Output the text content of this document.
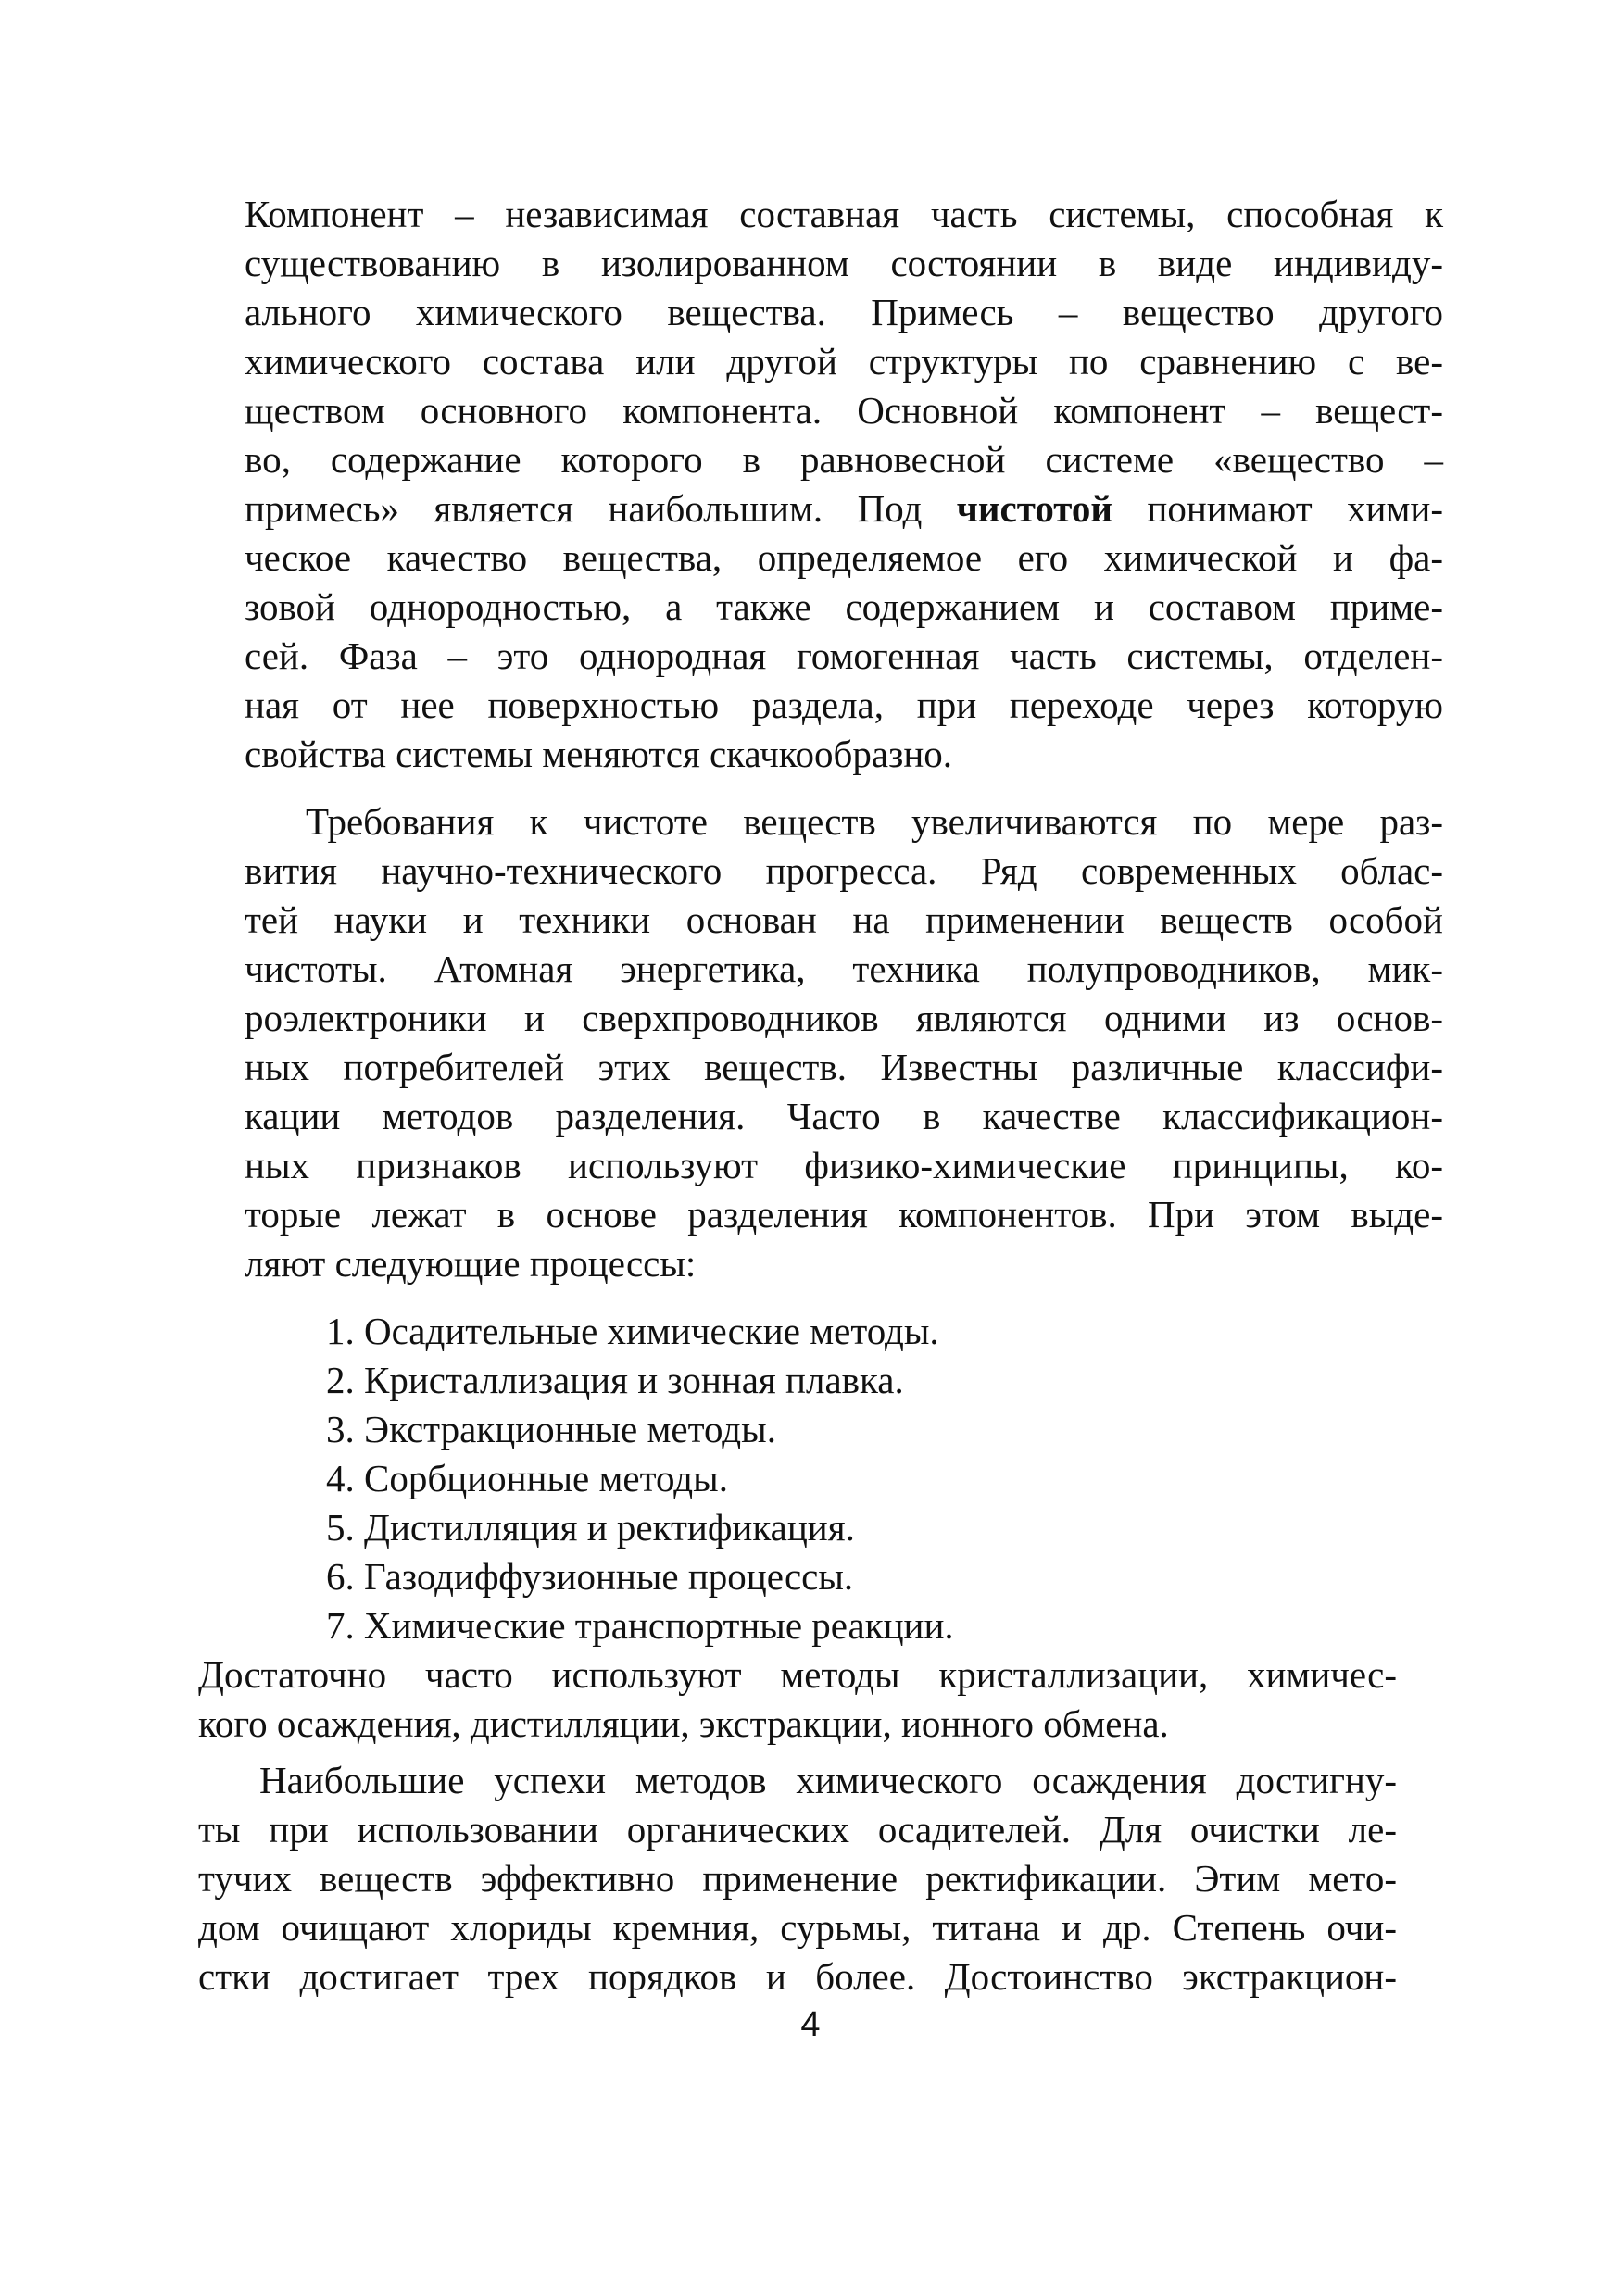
Компонент – независимая составная часть системы, способная к
существованию в изолированном состоянии в виде индивиду-
ального химического вещества. Примесь – вещество другого
химического состава или другой структуры по сравнению с ве-
ществом основного компонента. Основной компонент – вещест-
во, содержание которого в равновесной системе «вещество –
примесь» является наибольшим. Под чистотой понимают хими-
ческое качество вещества, определяемое его химической и фа-
зовой однородностью, а также содержанием и составом приме-
сей. Фаза – это однородная гомогенная часть системы, отделен-
ная от нее поверхностью раздела, при переходе через которую
свойства системы меняются скачкообразно.
Требования к чистоте веществ увеличиваются по мере раз-
вития научно-технического прогресса. Ряд современных облас-
тей науки и техники основан на применении веществ особой
чистоты. Атомная энергетика, техника полупроводников, мик-
роэлектроники и сверхпроводников являются одними из основ-
ных потребителей этих веществ. Известны различные классифи-
кации методов разделения. Часто в качестве классификацион-
ных признаков используют физико-химические принципы, ко-
торые лежат в основе разделения компонентов. При этом выде-
ляют следующие процессы:
1. Осадительные химические методы.
2. Кристаллизация и зонная плавка.
3. Экстракционные методы.
4. Сорбционные методы.
5. Дистилляция и ректификация.
6. Газодиффузионные процессы.
7. Химические транспортные реакции.
Достаточно часто используют методы кристаллизации, химичес-
кого осаждения, дистилляции, экстракции, ионного обмена.
Наибольшие успехи методов химического осаждения достигну-
ты при использовании органических осадителей. Для очистки ле-
тучих веществ эффективно применение ректификации. Этим мето-
дом очищают хлориды кремния, сурьмы, титана и др. Степень очи-
стки достигает трех порядков и более. Достоинство экстракцион-
4
